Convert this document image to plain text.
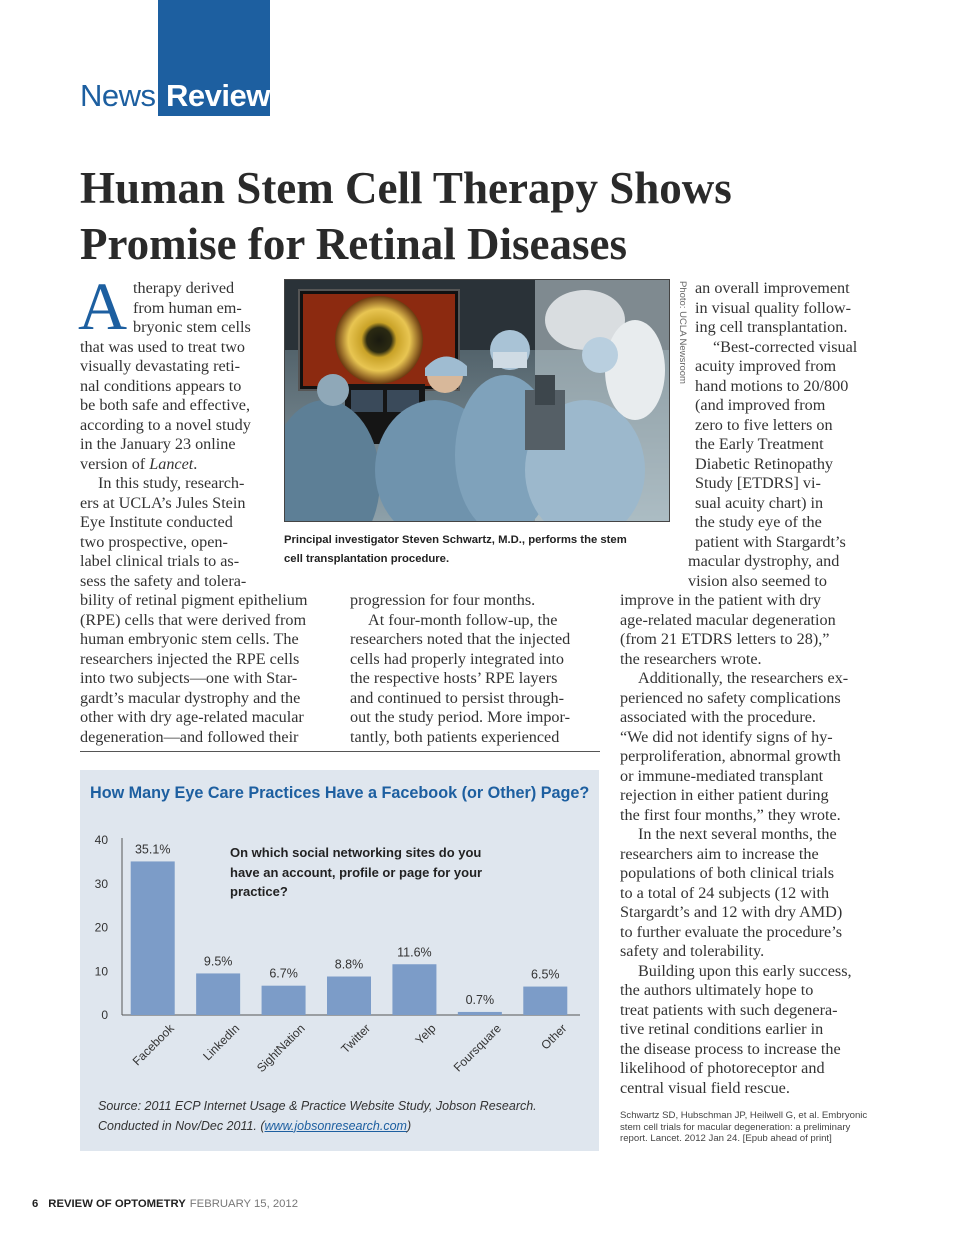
News Review
Human Stem Cell Therapy Shows
Promise for Retinal Diseases
A therapy derived
from human em-
bryonic stem cells
that was used to treat two
visually devastating reti-
nal conditions appears to
be both safe and effective,
according to a novel study
in the January 23 online
version of Lancet.
In this study, research-
ers at UCLA’s Jules Stein
Eye Institute conducted
two prospective, open-
label clinical trials to as-
sess the safety and tolera-
bility of retinal pigment epithelium
(RPE) cells that were derived from
human embryonic stem cells. The
researchers injected the RPE cells
into two subjects—one with Star-
gardt’s macular dystrophy and the
other with dry age-related macular
degeneration—and followed their
Photo: UCLA Newsroom
Principal investigator Steven Schwartz, M.D., performs the stem
cell transplantation procedure.
progression for four months.
At four-month follow-up, the
researchers noted that the injected
cells had properly integrated into
the respective hosts’ RPE layers
and continued to persist through-
out the study period. More impor-
tantly, both patients experienced
an overall improvement
in visual quality follow-
ing cell transplantation.
“Best-corrected visual
acuity improved from
hand motions to 20/800
(and improved from
zero to five letters on
the Early Treatment
Diabetic Retinopathy
Study [ETDRS] vi-
sual acuity chart) in
the study eye of the
patient with Stargardt’s
macular dystrophy, and
vision also seemed to
improve in the patient with dry
age-related macular degeneration
(from 21 ETDRS letters to 28),”
the researchers wrote.
Additionally, the researchers ex-
perienced no safety complications
associated with the procedure.
“We did not identify signs of hy-
perproliferation, abnormal growth
or immune-mediated transplant
rejection in either patient during
the first four months,” they wrote.
In the next several months, the
researchers aim to increase the
populations of both clinical trials
to a total of 24 subjects (12 with
Stargardt’s and 12 with dry AMD)
to further evaluate the procedure’s
safety and tolerability.
Building upon this early success,
the authors ultimately hope to
treat patients with such degenera-
tive retinal conditions earlier in
the disease process to increase the
likelihood of photoreceptor and
central visual field rescue.
How Many Eye Care Practices Have a Facebook (or Other) Page?
0
10
20
30
40
35.1%
Facebook
9.5%
LinkedIn
6.7%
SightNation
8.8%
Twitter
11.6%
Yelp
0.7%
Foursquare
6.5%
Other
On which social networking sites do you have an account, profile or page for your practice?
Source: 2011 ECP Internet Usage & Practice Website Study, Jobson Research. Conducted in Nov/Dec 2011. (www.jobsonresearch.com)
Schwartz SD, Hubschman JP, Heilwell G, et al. Embryonic stem cell trials for macular degeneration: a preliminary report. Lancet. 2012 Jan 24. [Epub ahead of print]
6 REVIEW OF OPTOMETRY FEBRUARY 15, 2012
